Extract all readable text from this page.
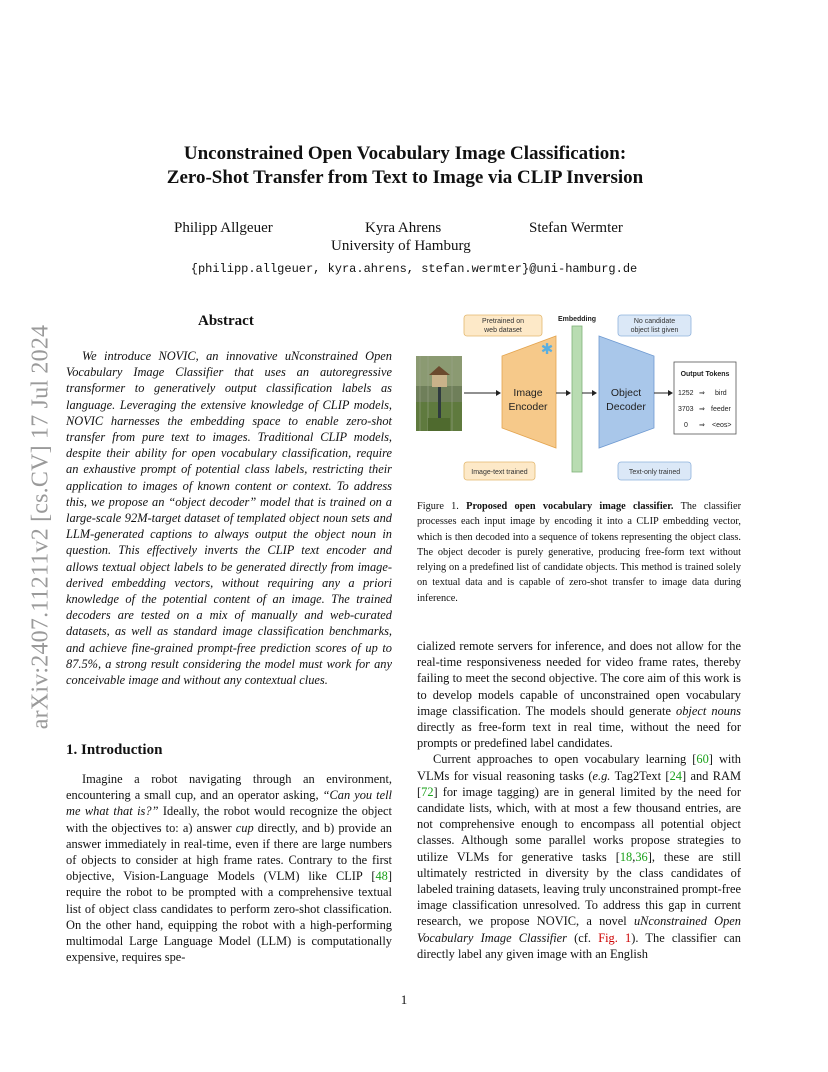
arXiv:2407.11211v2 [cs.CV] 17 Jul 2024
Unconstrained Open Vocabulary Image Classification:
Zero-Shot Transfer from Text to Image via CLIP Inversion
Philipp Allgeuer	Kyra Ahrens	Stefan Wermter
University of Hamburg
{philipp.allgeuer, kyra.ahrens, stefan.wermter}@uni-hamburg.de
Abstract

We introduce NOVIC, an innovative uNconstrained Open Vocabulary Image Classifier that uses an autoregressive transformer to generatively output classification labels as language. Leveraging the extensive knowledge of CLIP models, NOVIC harnesses the embedding space to enable zero-shot transfer from pure text to images. Traditional CLIP models, despite their ability for open vocabulary classification, require an exhaustive prompt of potential class labels, restricting their application to images of known content or context. To address this, we propose an “object decoder” model that is trained on a large-scale 92M-target dataset of templated object noun sets and LLM-generated captions to always output the object noun in question. This effectively inverts the CLIP text encoder and allows textual object labels to be generated directly from image-derived embedding vectors, without requiring any a priori knowledge of the potential content of an image. The trained decoders are tested on a mix of manually and web-curated datasets, as well as standard image classification benchmarks, and achieve fine-grained prompt-free prediction scores of up to 87.5%, a strong result considering the model must work for any conceivable image and without any contextual clues.

Pretrained on
web dataset
Embedding	No candidate
object list given
Image
Encoder
✱
Object
Decoder
Output Tokens
1252 ⇒ bird
3703 ⇒ feeder
0 ⇒ <eos>
Image-text trained	Text-only trained

Figure 1. Proposed open vocabulary image classifier. The classifier processes each input image by encoding it into a CLIP embedding vector, which is then decoded into a sequence of tokens representing the object class. The object decoder is purely generative, producing free-form text without relying on a predefined list of candidate objects. This method is trained solely on textual data and is capable of zero-shot transfer to image data during inference.

1. Introduction

Imagine a robot navigating through an environment, encountering a small cup, and an operator asking, “Can you tell me what that is?” Ideally, the robot would recognize the object with the objectives to: a) answer cup directly, and b) provide an answer immediately in real-time, even if there are large numbers of objects to consider at high frame rates. Contrary to the first objective, Vision-Language Models (VLM) like CLIP [48] require the robot to be prompted with a comprehensive textual list of object class candidates to perform zero-shot classification. On the other hand, equipping the robot with a high-performing multimodal Large Language Model (LLM) is computationally expensive, requires spe-

cialized remote servers for inference, and does not allow for the real-time responsiveness needed for video frame rates, thereby failing to meet the second objective. The core aim of this work is to develop models capable of unconstrained open vocabulary image classification. The models should generate object nouns directly as free-form text in real time, without the need for prompts or predefined label candidates.

Current approaches to open vocabulary learning [60] with VLMs for visual reasoning tasks (e.g. Tag2Text [24] and RAM [72] for image tagging) are in general limited by the need for candidate lists, which, with at most a few thousand entries, are not comprehensive enough to encompass all potential object classes. Although some parallel works propose strategies to utilize VLMs for generative tasks [18,36], these are still ultimately restricted in diversity by the class candidates of labeled training datasets, leaving truly unconstrained prompt-free image classification unresolved. To address this gap in current research, we propose NOVIC, a novel uNconstrained Open Vocabulary Image Classifier (cf. Fig. 1). The classifier can directly label any given image with an English

1
